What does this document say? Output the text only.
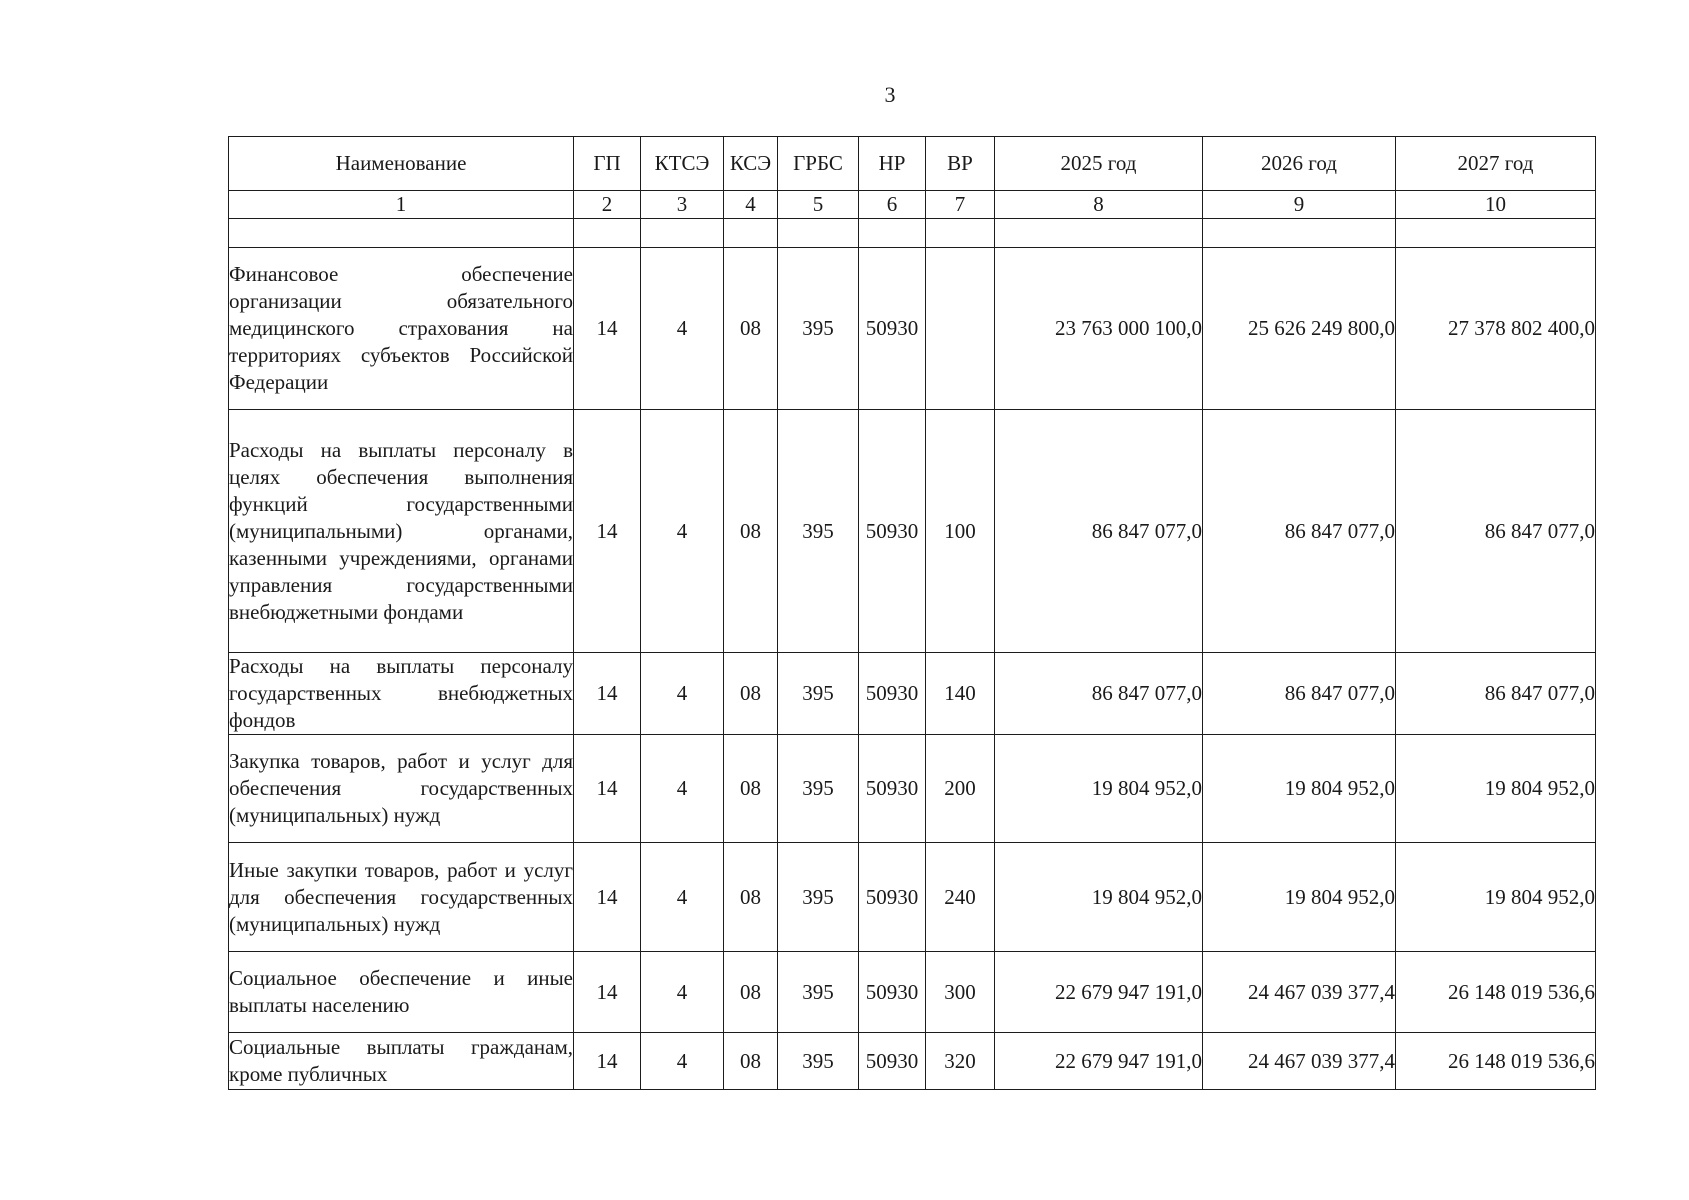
3
Наименование	ГП	КТСЭ	КСЭ	ГРБС	НР	ВР	2025 год	2026 год	2027 год
1	2	3	4	5	6	7	8	9	10

Финансовое обеспечение организации обязательного медицинского страхования на территориях субъектов Российской Федерации	14	4	08	395	50930		23 763 000 100,0	25 626 249 800,0	27 378 802 400,0
Расходы на выплаты персоналу в целях обеспечения выполнения функций государственными (муниципальными) органами, казенными учреждениями, органами управления государственными внебюджетными фондами	14	4	08	395	50930	100	86 847 077,0	86 847 077,0	86 847 077,0
Расходы на выплаты персоналу государственных внебюджетных фондов	14	4	08	395	50930	140	86 847 077,0	86 847 077,0	86 847 077,0
Закупка товаров, работ и услуг для обеспечения государственных (муниципальных) нужд	14	4	08	395	50930	200	19 804 952,0	19 804 952,0	19 804 952,0
Иные закупки товаров, работ и услуг для обеспечения государственных (муниципальных) нужд	14	4	08	395	50930	240	19 804 952,0	19 804 952,0	19 804 952,0
Социальное обеспечение и иные выплаты населению	14	4	08	395	50930	300	22 679 947 191,0	24 467 039 377,4	26 148 019 536,6
Социальные выплаты гражданам, кроме публичных	14	4	08	395	50930	320	22 679 947 191,0	24 467 039 377,4	26 148 019 536,6
